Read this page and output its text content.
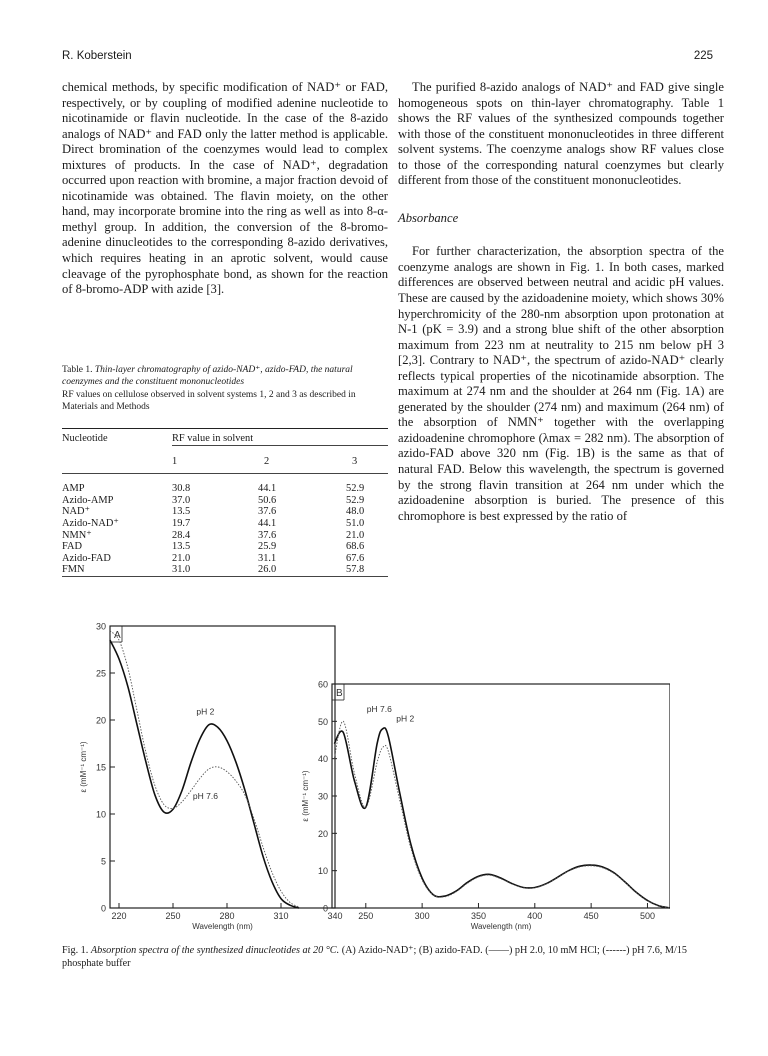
R. Koberstein	225

chemical methods, by specific modification of NAD⁺ or FAD, respectively, or by coupling of modified adenine nucleotide to nicotinamide or flavin nucleotide. In the case of the 8-azido analogs of NAD⁺ and FAD only the latter method is applicable. Direct bromination of the coenzymes would lead to complex mixtures of products. In the case of NAD⁺, degradation occurred upon reaction with bromine, a major fraction devoid of nicotinamide was obtained. The flavin moiety, on the other hand, may incorporate bromine into the ring as well as into 8-α-methyl group. In addition, the conversion of the 8-bromo-adenine dinucleotides to the corresponding 8-azido derivatives, which requires heating in an aprotic solvent, would cause cleavage of the pyrophosphate bond, as shown for the reaction of 8-bromo-ADP with azide [3].

Table 1. Thin-layer chromatography of azido-NAD⁺, azido-FAD, the natural coenzymes and the constituent mononucleotides
RF values on cellulose observed in solvent systems 1, 2 and 3 as described in Materials and Methods
Nucleotide	RF value in solvent		

	1	2	3

AMP	30.8	44.1	52.9
Azido-AMP	37.0	50.6	52.9
NAD⁺	13.5	37.6	48.0
Azido-NAD⁺	19.7	44.1	51.0
NMN⁺	28.4	37.6	21.0
FAD	13.5	25.9	68.6
Azido-FAD	21.0	31.1	67.6
FMN	31.0	26.0	57.8

The purified 8-azido analogs of NAD⁺ and FAD give single homogeneous spots on thin-layer chromatography. Table 1 shows the RF values of the synthesized compounds together with those of the constituent mononucleotides in three different solvent systems. The coenzyme analogs show RF values close to those of the corresponding natural coenzymes but clearly different from those of the constituent mononucleotides.

Absorbance

For further characterization, the absorption spectra of the coenzyme analogs are shown in Fig. 1. In both cases, marked differences are observed between neutral and acidic pH values. These are caused by the azidoadenine moiety, which shows 30% hyperchromicity of the 280-nm absorption upon protonation at N-1 (pK = 3.9) and a strong blue shift of the other absorption maximum from 223 nm at neutrality to 215 nm below pH 3 [2,3]. Contrary to NAD⁺, the spectrum of azido-NAD⁺ clearly reflects typical properties of the nicotinamide absorption. The maximum at 274 nm and the shoulder at 264 nm (Fig. 1A) are generated by the shoulder (274 nm) and maximum (264 nm) of the absorption of NMN⁺ together with the overlapping azidoadenine chromophore (λmax = 282 nm). The absorption of azido-FAD above 320 nm (Fig. 1B) is the same as that of natural FAD. Below this wavelength, the spectrum is governed by the strong flavin transition at 264 nm under which the azidoadenine absorption is buried. The presence of this chromophore is best expressed by the ratio of

0
5
10
15
20
25
30
220	250	280	310	340
Wavelength (nm)
ε (mM⁻¹ cm⁻¹)
A
pH 2
pH 7.6
0
10
20
30
40
50
60
250	300	350	400	450	500
Wavelength (nm)
ε (mM⁻¹ cm⁻¹)
B
pH 7.6
pH 2
Fig. 1. Absorption spectra of the synthesized dinucleotides at 20 °C. (A) Azido-NAD⁺; (B) azido-FAD. (——) pH 2.0, 10 mM HCl; (------) pH 7.6, M/15 phosphate buffer
